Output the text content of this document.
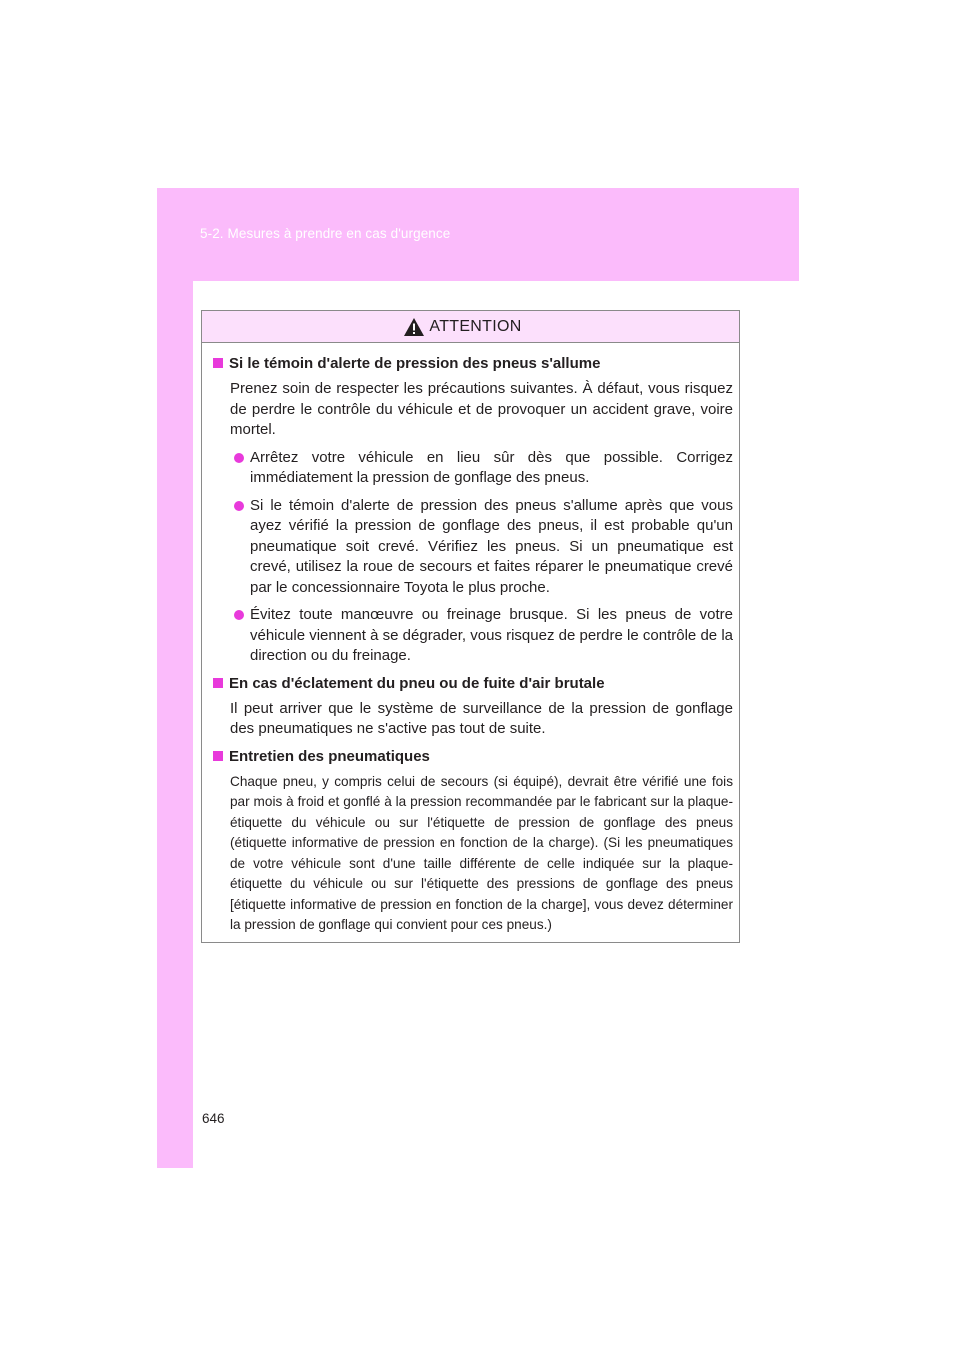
5-2. Mesures à prendre en cas d'urgence
ATTENTION
Si le témoin d'alerte de pression des pneus s'allume
Prenez soin de respecter les précautions suivantes. À défaut, vous risquez de perdre le contrôle du véhicule et de provoquer un accident grave, voire mortel.
Arrêtez votre véhicule en lieu sûr dès que possible. Corrigez immédiatement la pression de gonflage des pneus.
Si le témoin d'alerte de pression des pneus s'allume après que vous ayez vérifié la pression de gonflage des pneus, il est probable qu'un pneumatique soit crevé. Vérifiez les pneus. Si un pneumatique est crevé, utilisez la roue de secours et faites réparer le pneumatique crevé par le concessionnaire Toyota le plus proche.
Évitez toute manœuvre ou freinage brusque. Si les pneus de votre véhicule viennent à se dégrader, vous risquez de perdre le contrôle de la direction ou du freinage.
En cas d'éclatement du pneu ou de fuite d'air brutale
Il peut arriver que le système de surveillance de la pression de gonflage des pneumatiques ne s'active pas tout de suite.
Entretien des pneumatiques
Chaque pneu, y compris celui de secours (si équipé), devrait être vérifié une fois par mois à froid et gonflé à la pression recommandée par le fabricant sur la plaque-étiquette du véhicule ou sur l'étiquette de pression de gonflage des pneus (étiquette informative de pression en fonction de la charge). (Si les pneumatiques de votre véhicule sont d'une taille différente de celle indiquée sur la plaque-étiquette du véhicule ou sur l'étiquette des pressions de gonflage des pneus [étiquette informative de pression en fonction de la charge], vous devez déterminer la pression de gonflage qui convient pour ces pneus.)
646
